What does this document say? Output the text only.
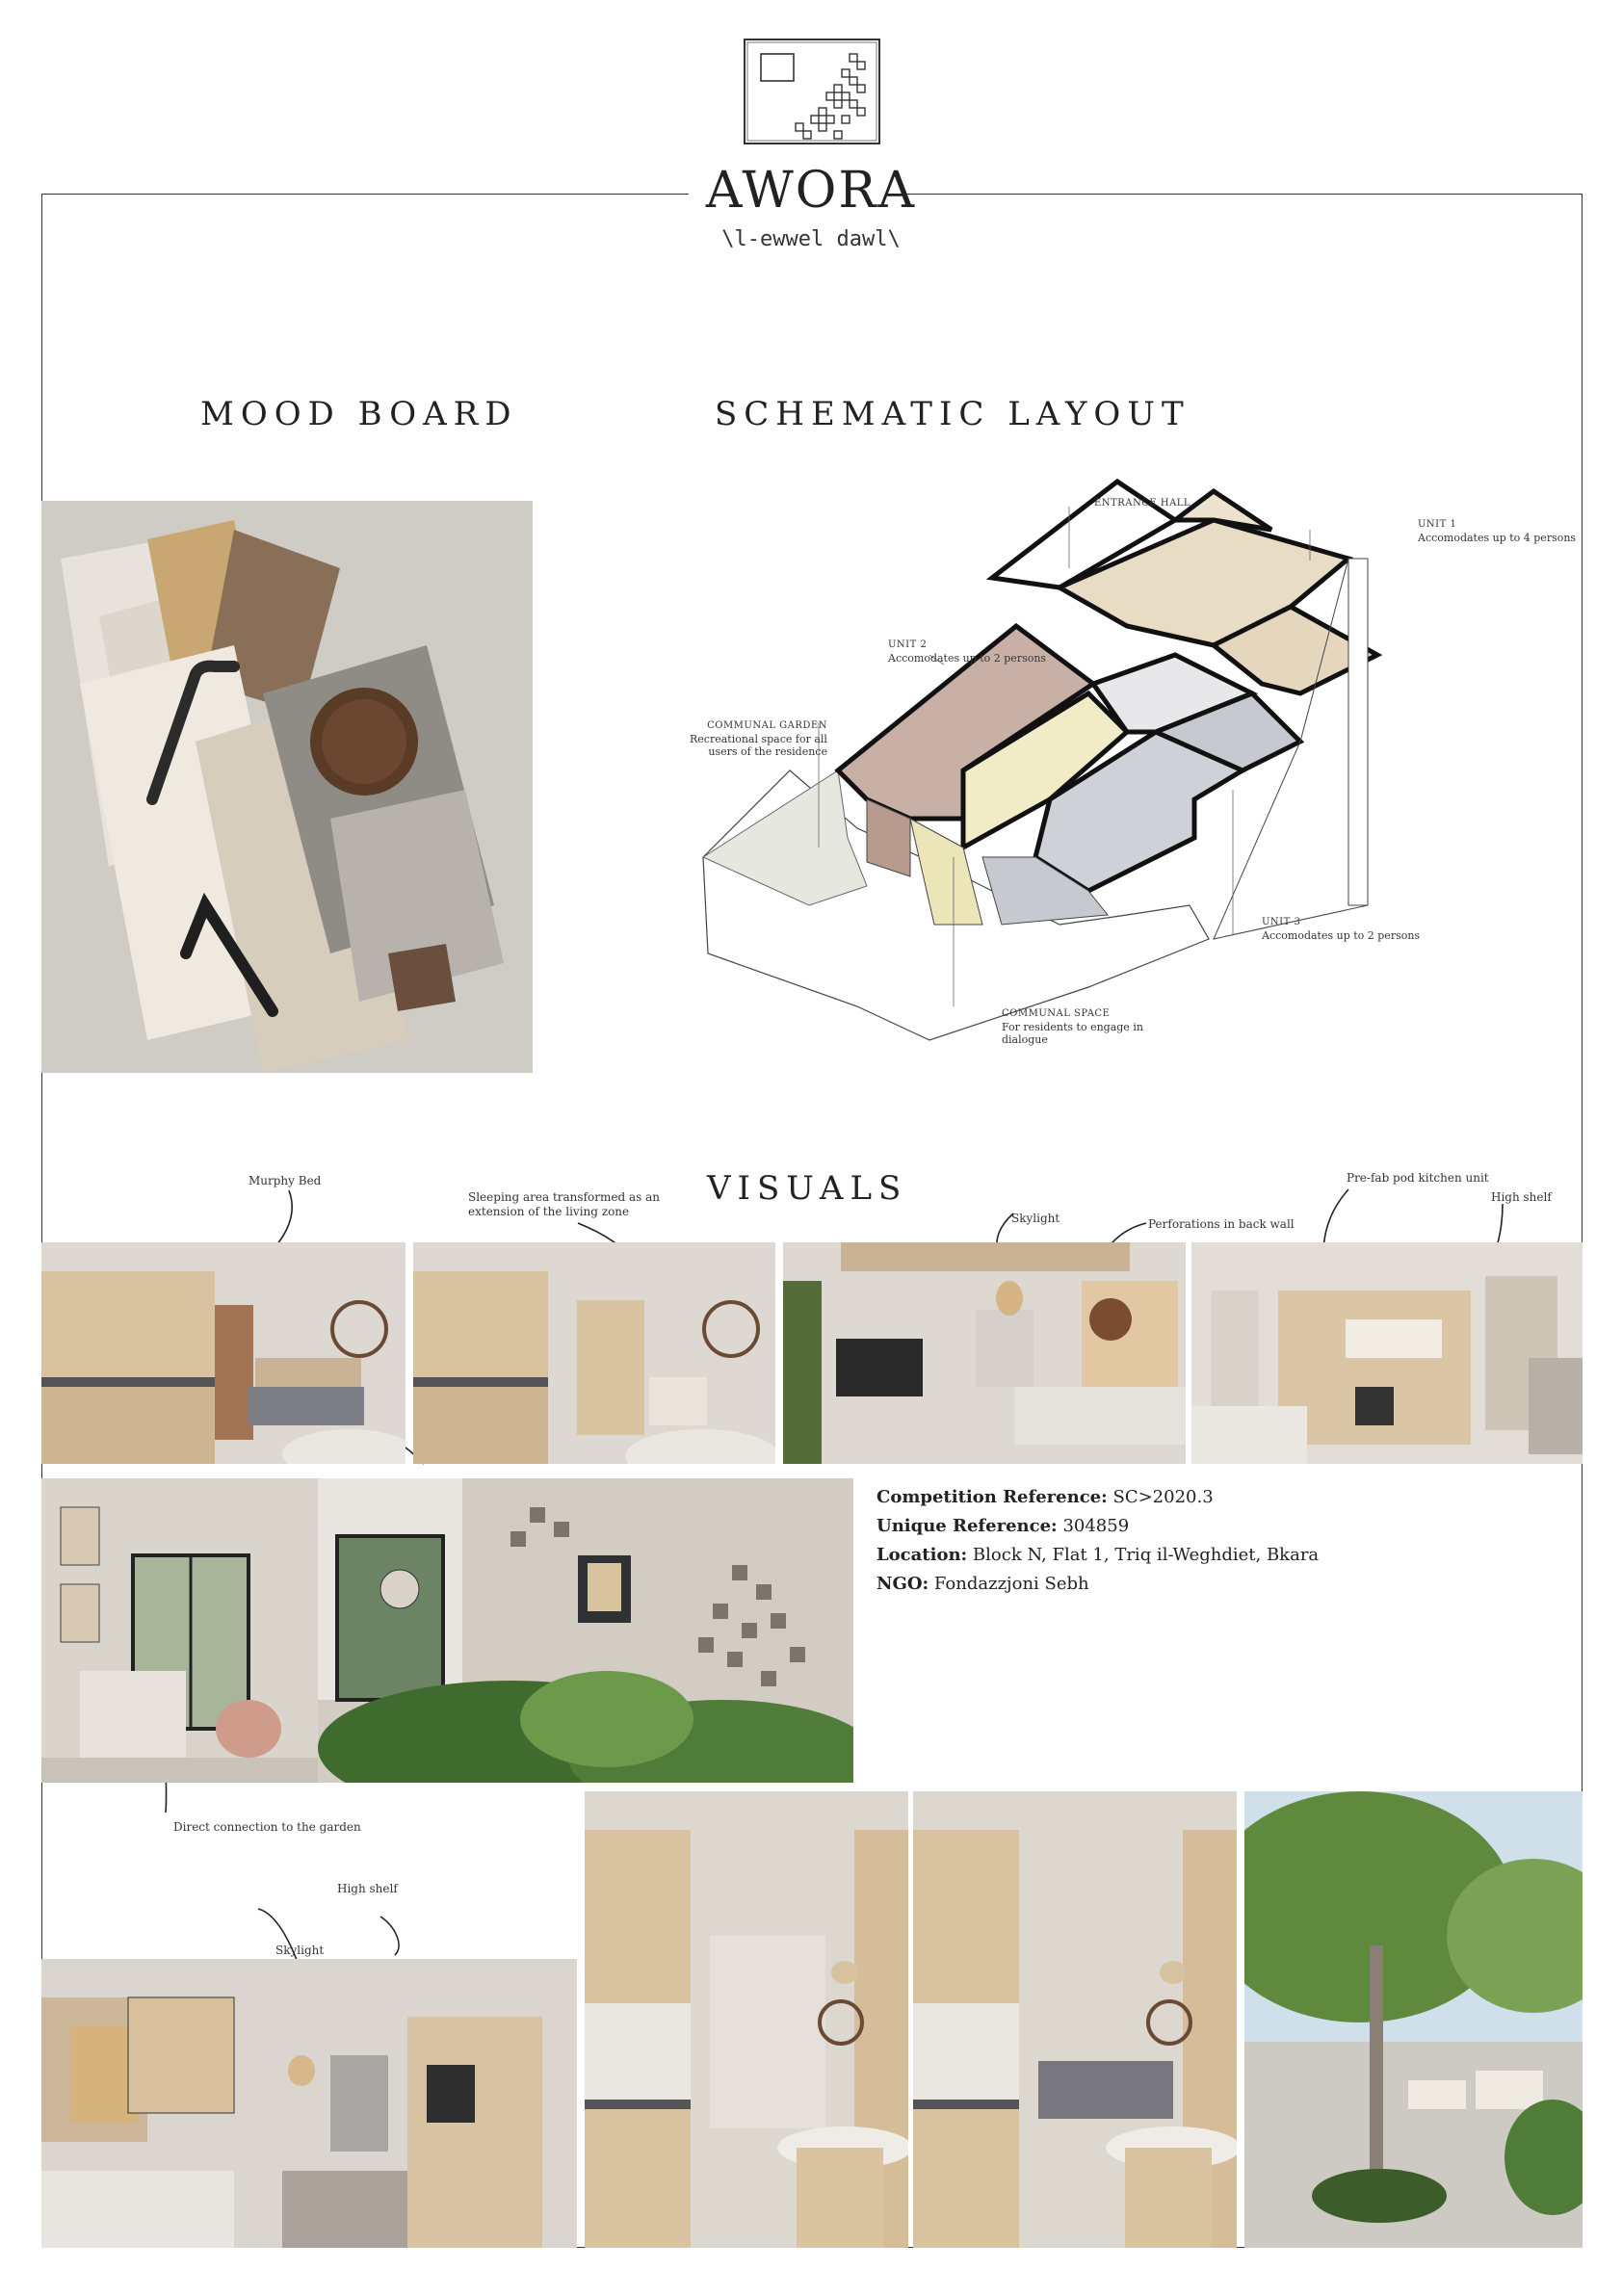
AWORA
\l-ewwel dawl\
MOOD BOARD	SCHEMATIC LAYOUT
VISUALS
ENTRANCE HALL
UNIT 1
Accomodates up to 4 persons
UNIT 2
Accomodates up to 2 persons
COMMUNAL GARDEN
Recreational space for all
users of the residence
UNIT 3
Accomodates up to 2 persons
COMMUNAL SPACE
For residents to engage in
dialogue
Murphy Bed
Sleeping area transformed as an
extension of the living zone	Skylight	Perforations in back wall
Pre-fab pod kitchen unit
High shelf
Competition Reference: SC>2020.3
Unique Reference: 304859
Location: Block N, Flat 1, Triq il-Weghdiet, Bkara
NGO: Fondazzjoni Sebh
Direct connection to the garden
High shelf
Skylight
